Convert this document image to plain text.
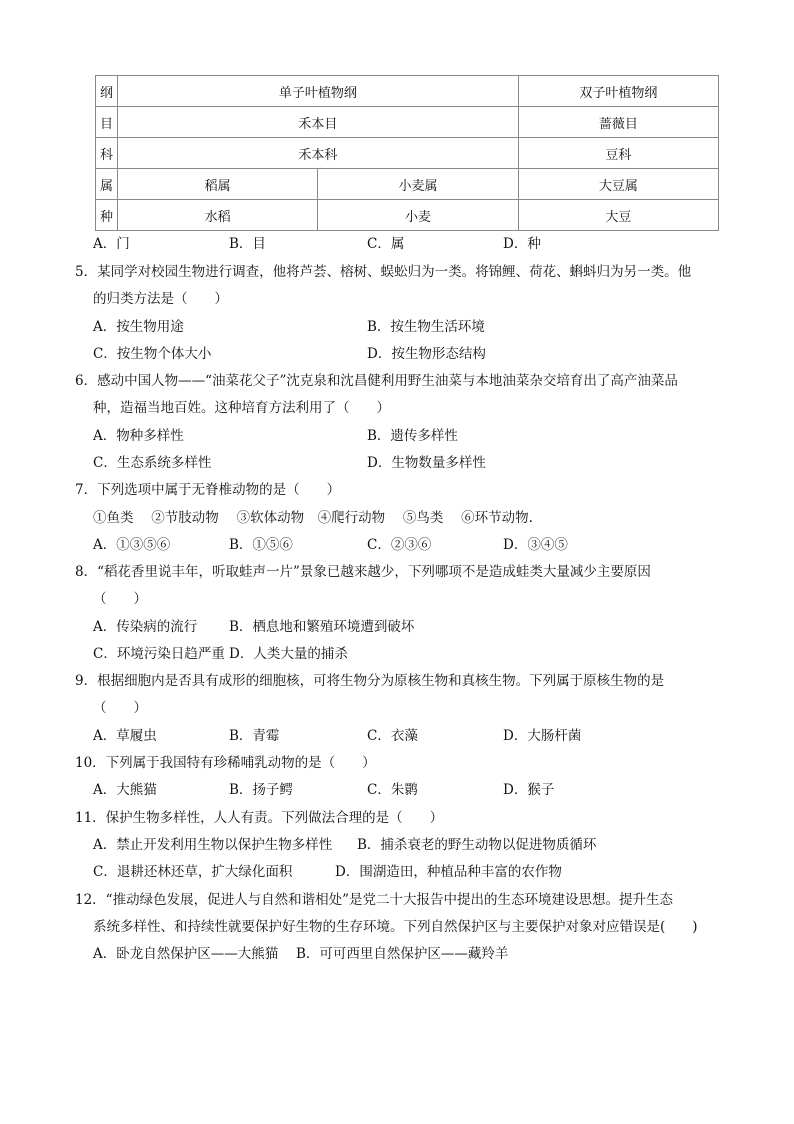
纲	单子叶植物纲		双子叶植物纲
目	禾本目		蔷薇目
科	禾本科		豆科
属	稻属	小麦属	大豆属
种	水稻	小麦	大豆
A．门	B．目	C．属	D．种
5．某同学对校园生物进行调查，他将芦荟、榕树、蜈蚣归为一类。将锦鲤、荷花、蝌蚪归为另一类。他
的归类方法是（　　）
A．按生物用途	B．按生物生活环境
C．按生物个体大小	D．按生物形态结构
6．感动中国人物——“油菜花父子”沈克泉和沈昌健利用野生油菜与本地油菜杂交培育出了高产油菜品
种，造福当地百姓。这种培育方法利用了（　　）
A．物种多样性	B．遗传多样性
C．生态系统多样性	D．生物数量多样性
7．下列选项中属于无脊椎动物的是（　　）
①鱼类　 ②节肢动物　 ③软体动物　④爬行动物　 ⑤鸟类　 ⑥环节动物.
A．①③⑤⑥	B．①⑤⑥	C．②③⑥	D．③④⑤
8．“稻花香里说丰年，听取蛙声一片”景象已越来越少，下列哪项不是造成蛙类大量减少主要原因
（　　）
A．传染病的流行 B．栖息地和繁殖环境遭到破坏
C．环境污染日趋严重 D．人类大量的捕杀
9．根据细胞内是否具有成形的细胞核，可将生物分为原核生物和真核生物。下列属于原核生物的是
（　　）
A．草履虫	B．青霉	C．衣藻	D．大肠杆菌
10．下列属于我国特有珍稀哺乳动物的是（　　）
A．大熊猫	B．扬子鳄	C．朱鹮	D．猴子
11．保护生物多样性，人人有责。下列做法合理的是（　　）
A．禁止开发利用生物以保护生物多样性 B．捕杀衰老的野生动物以促进物质循环
C．退耕还林还草，扩大绿化面积	D．围湖造田，种植品种丰富的农作物
12．“推动绿色发展，促进人与自然和谐相处”是党二十大报告中提出的生态环境建设思想。提升生态
系统多样性、和持续性就要保护好生物的生存环境。下列自然保护区与主要保护对象对应错误是(　　)
A．卧龙自然保护区——大熊猫 B．可可西里自然保护区——藏羚羊
